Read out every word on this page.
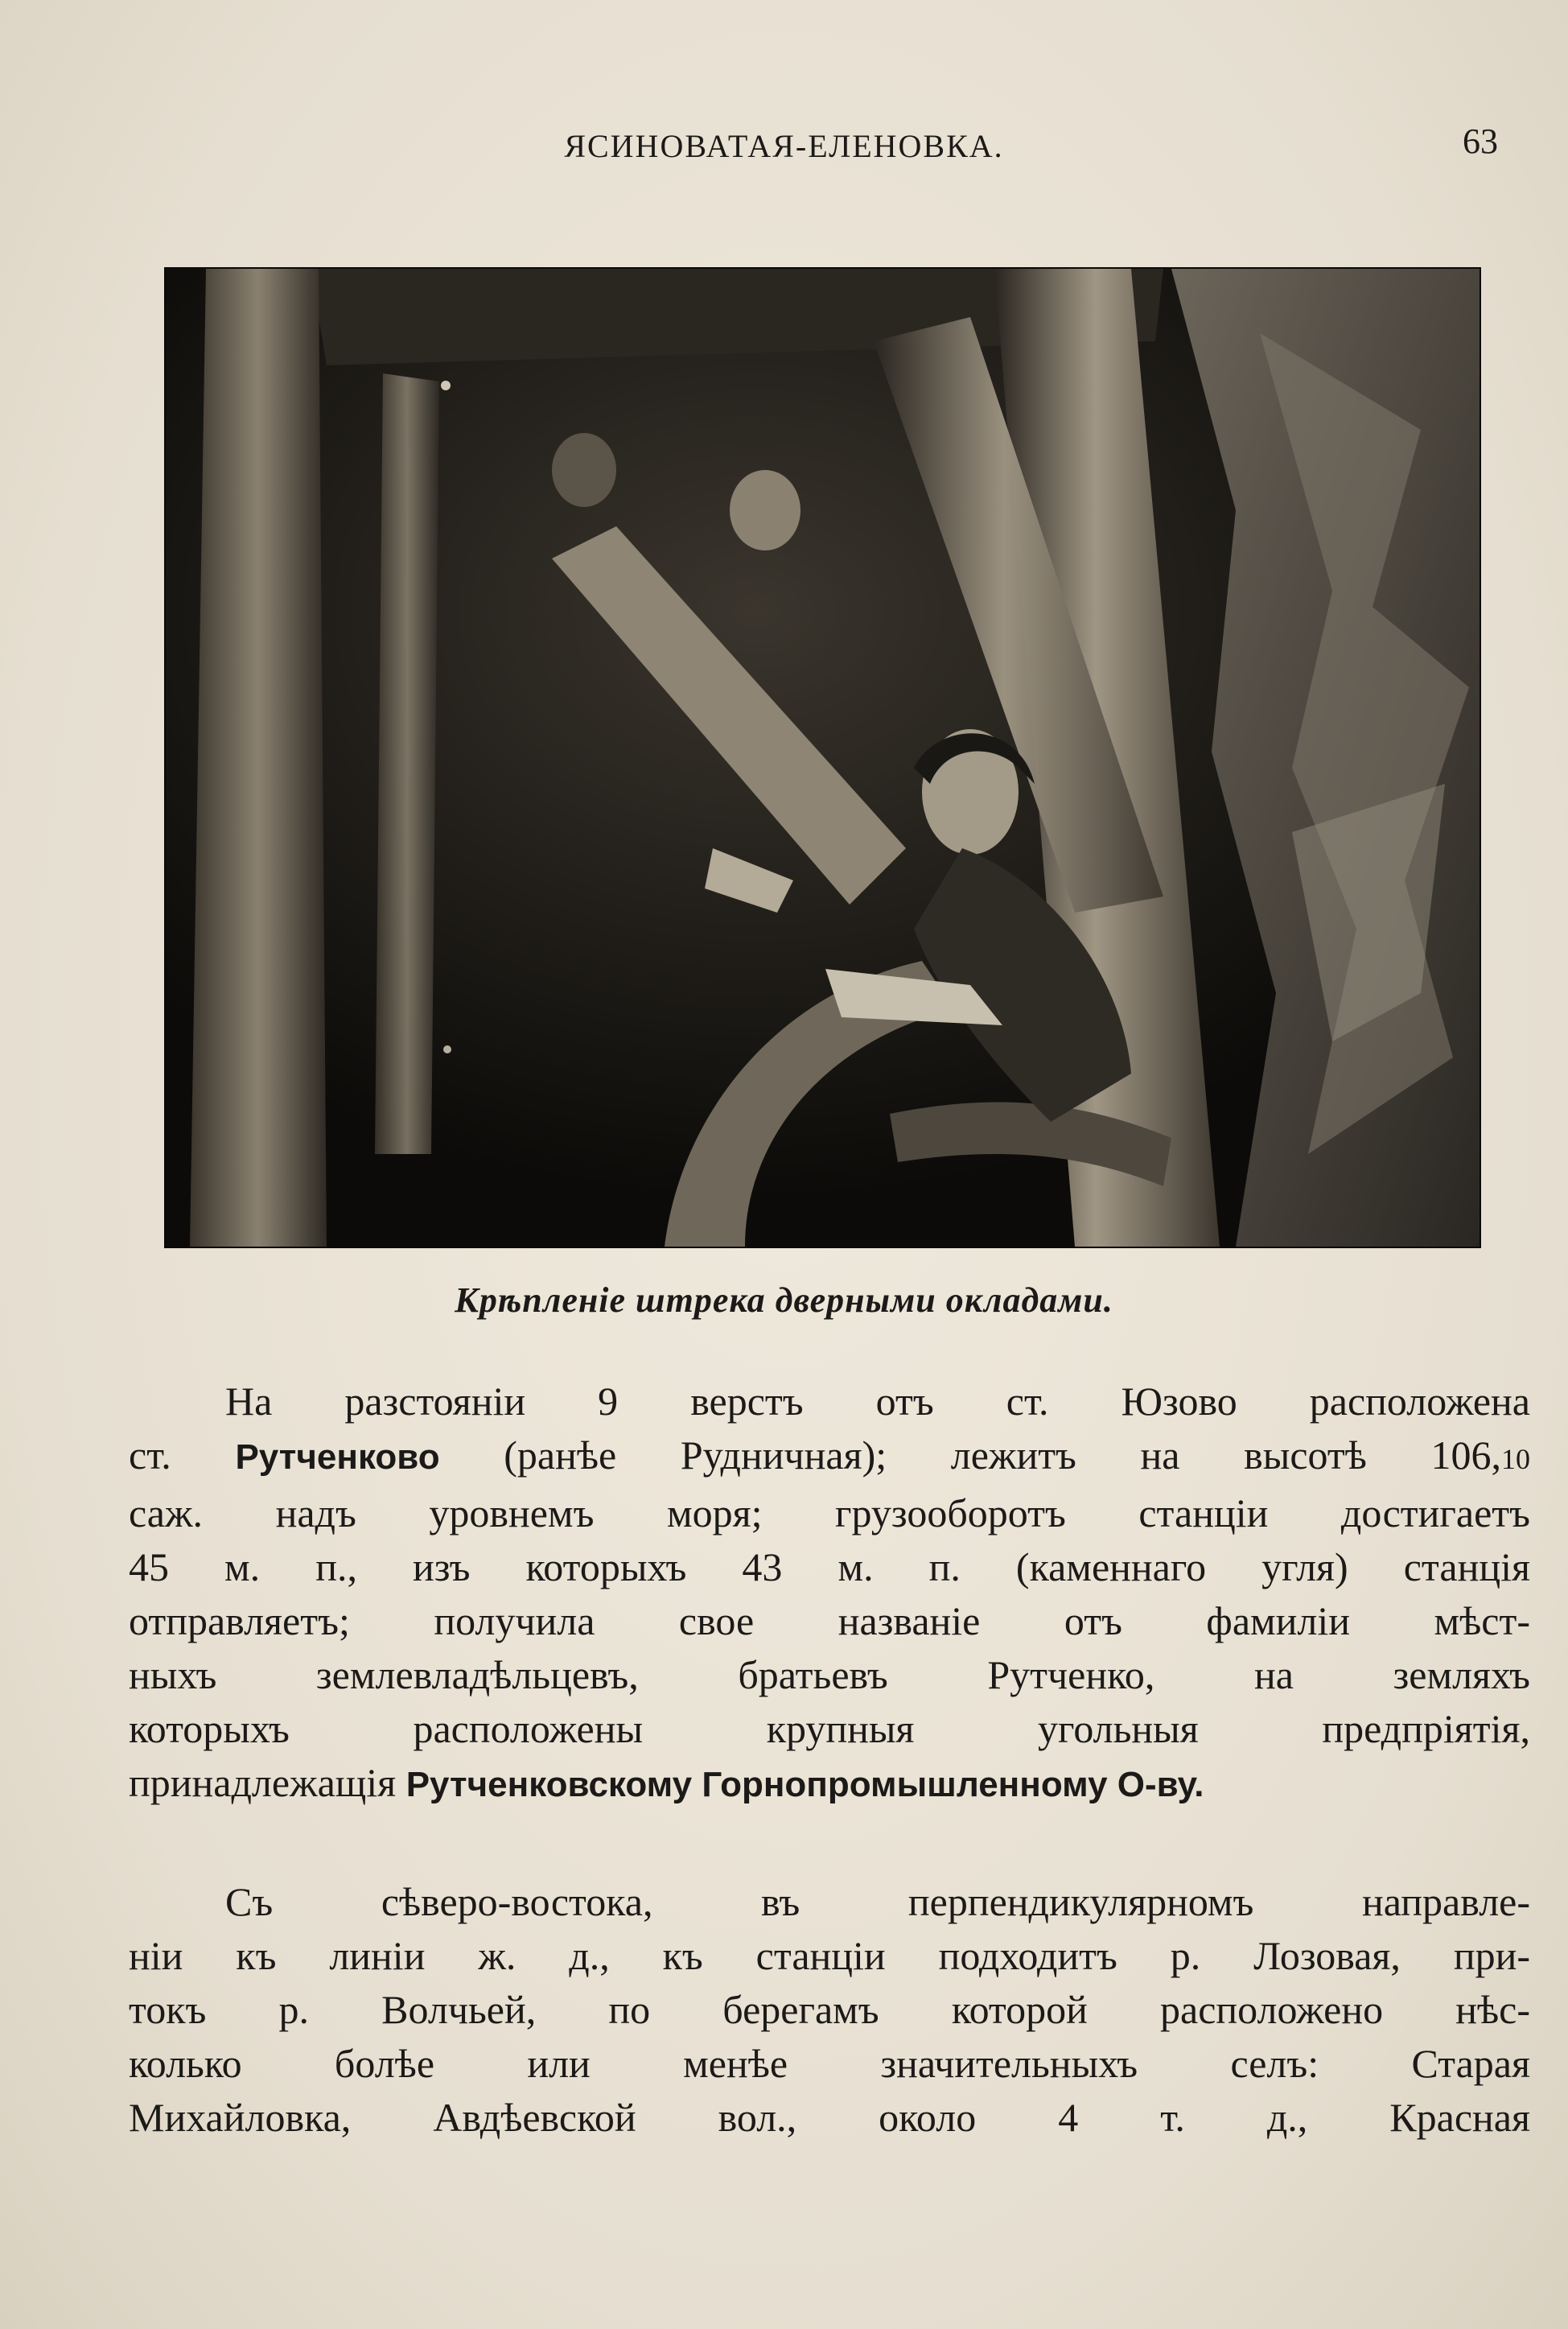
ЯСИНОВАТАЯ-ЕЛЕНОВКА.	63
Крѣпленіе штрека дверными окладами.
На разстояніи 9 верстъ отъ ст. Юзово расположена
ст. Рутченково (ранѣе Рудничная); лежитъ на высотѣ 106,10
саж. надъ уровнемъ моря; грузооборотъ станціи достигаетъ
45 м. п., изъ которыхъ 43 м. п. (каменнаго угля) станція
отправляетъ; получила свое названіе отъ фамиліи мѣст-
ныхъ землевладѣльцевъ, братьевъ Рутченко, на земляхъ
которыхъ расположены крупныя угольныя предпріятія,
принадлежащія Рутченковскому Горнопромышленному О-ву.
Съ сѣверо-востока, въ перпендикулярномъ направле-
ніи къ линіи ж. д., къ станціи подходитъ р. Лозовая, при-
токъ р. Волчьей, по берегамъ которой расположено нѣс-
колько болѣе или менѣе значительныхъ селъ: Старая
Михайловка, Авдѣевской вол., около 4 т. д., Красная
